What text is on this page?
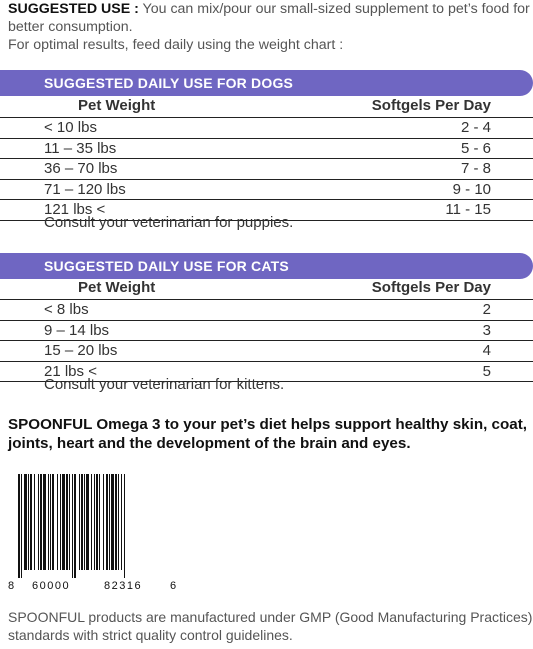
SUGGESTED USE : You can mix/pour our small-sized supplement to pet’s food for
better consumption.
For optimal results, feed daily using the weight chart :
SUGGESTED DAILY USE FOR DOGS
Pet Weight	Softgels Per Day
< 10 lbs	2 - 4
11 – 35 lbs	5 - 6
36 – 70 lbs	7 - 8
71 – 120 lbs	9 - 10
121 lbs <	11 - 15
Consult your veterinarian for puppies.
SUGGESTED DAILY USE FOR CATS
Pet Weight	Softgels Per Day
< 8 lbs	2
9 – 14 lbs	3
15 – 20 lbs	4
21 lbs <	5
Consult your veterinarian for kittens.
SPOONFUL Omega 3 to your pet’s diet helps support healthy skin, coat,
joints, heart and the development of the brain and eyes.
8 60000	82316	6
SPOONFUL products are manufactured under GMP (Good Manufacturing Practices)
standards with strict quality control guidelines.
